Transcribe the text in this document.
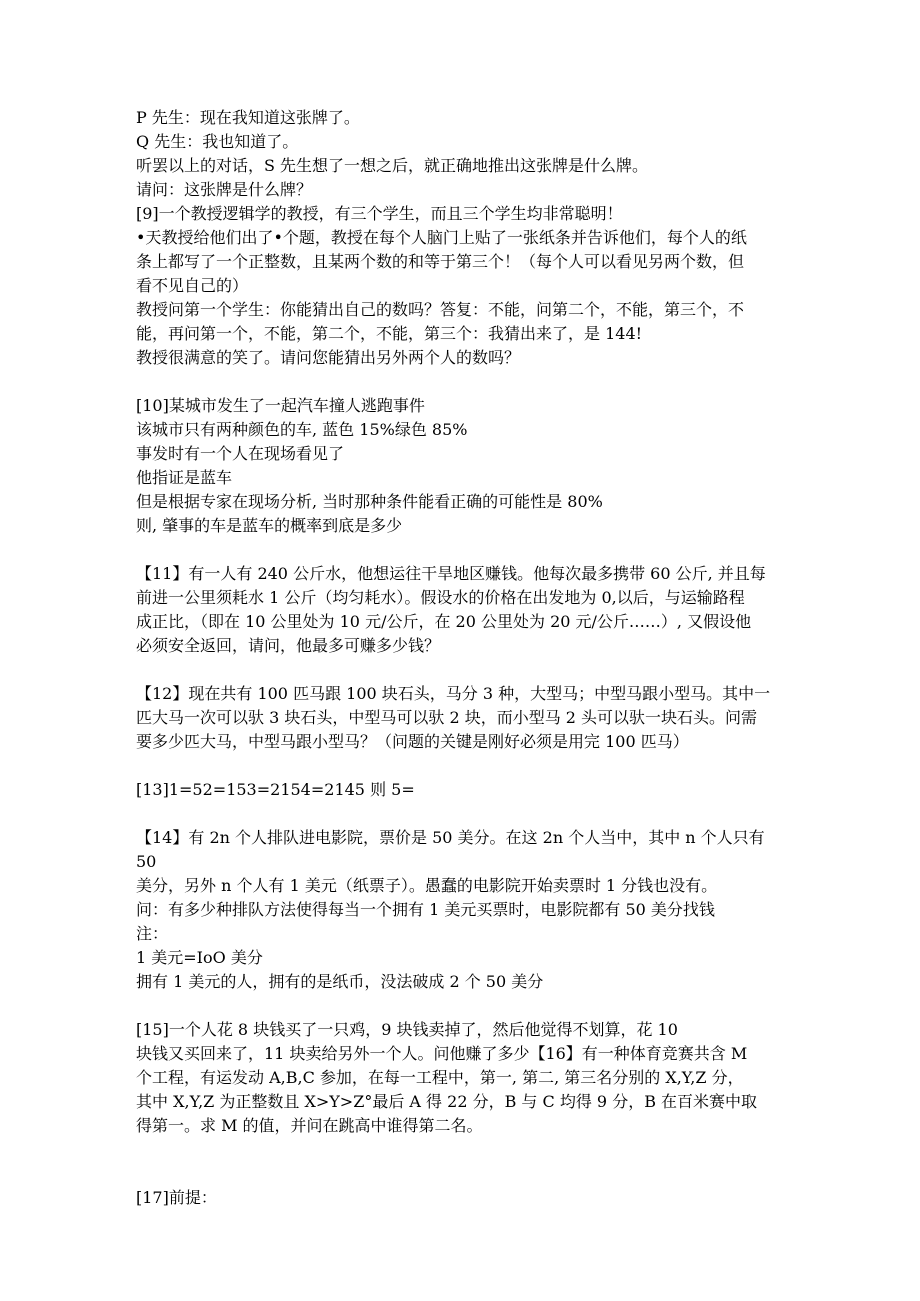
P 先生：现在我知道这张牌了。
Q 先生：我也知道了。
听罢以上的对话，S 先生想了一想之后，就正确地推出这张牌是什么牌。
请问：这张牌是什么牌？
[9]一个教授逻辑学的教授，有三个学生，而且三个学生均非常聪明！
•天教授给他们出了•个题，教授在每个人脑门上贴了一张纸条并告诉他们，每个人的纸
条上都写了一个正整数，且某两个数的和等于第三个！（每个人可以看见另两个数，但
看不见自己的）
教授问第一个学生：你能猜出自己的数吗？答复：不能，问第二个，不能，第三个，不
能，再问第一个，不能，第二个，不能，第三个：我猜出来了，是 144!
教授很满意的笑了。请问您能猜出另外两个人的数吗？
[10]某城市发生了一起汽车撞人逃跑事件
该城市只有两种颜色的车, 蓝色 15%绿色 85%
事发时有一个人在现场看见了
他指证是蓝车
但是根据专家在现场分析, 当时那种条件能看正确的可能性是 80%
则, 肇事的车是蓝车的概率到底是多少
【11】有一人有 240 公斤水，他想运往干旱地区赚钱。他每次最多携带 60 公斤, 并且每
前进一公里须耗水 1 公斤（均匀耗水）。假设水的价格在出发地为 0,以后，与运输路程
成正比，（即在 10 公里处为 10 元/公斤，在 20 公里处为 20 元/公斤……）, 又假设他
必须安全返回，请问，他最多可赚多少钱？
【12】现在共有 100 匹马跟 100 块石头，马分 3 种，大型马；中型马跟小型马。其中一
匹大马一次可以驮 3 块石头，中型马可以驮 2 块，而小型马 2 头可以驮一块石头。问需
要多少匹大马，中型马跟小型马？（问题的关键是刚好必须是用完 100 匹马）
[13]1=52=153=2154=2145 则 5=
【14】有 2n 个人排队进电影院，票价是 50 美分。在这 2n 个人当中，其中 n 个人只有 50
美分，另外 n 个人有 1 美元（纸票子）。愚蠢的电影院开始卖票时 1 分钱也没有。
问：有多少种排队方法使得每当一个拥有 1 美元买票时，电影院都有 50 美分找钱
注：
1 美元=IoO 美分
拥有 1 美元的人，拥有的是纸币，没法破成 2 个 50 美分
[15]一个人花 8 块钱买了一只鸡，9 块钱卖掉了，然后他觉得不划算，花 10
块钱又买回来了，11 块卖给另外一个人。问他赚了多少【16】有一种体育竞赛共含 M
个工程，有运发动 A,B,C 参加，在每一工程中，第一, 第二, 第三名分别的 X,Y,Z 分，
其中 X,Y,Z 为正整数且 X>Y>Z°最后 A 得 22 分，B 与 C 均得 9 分，B 在百米赛中取
得第一。求 M 的值，并问在跳高中谁得第二名。
[17]前提：
